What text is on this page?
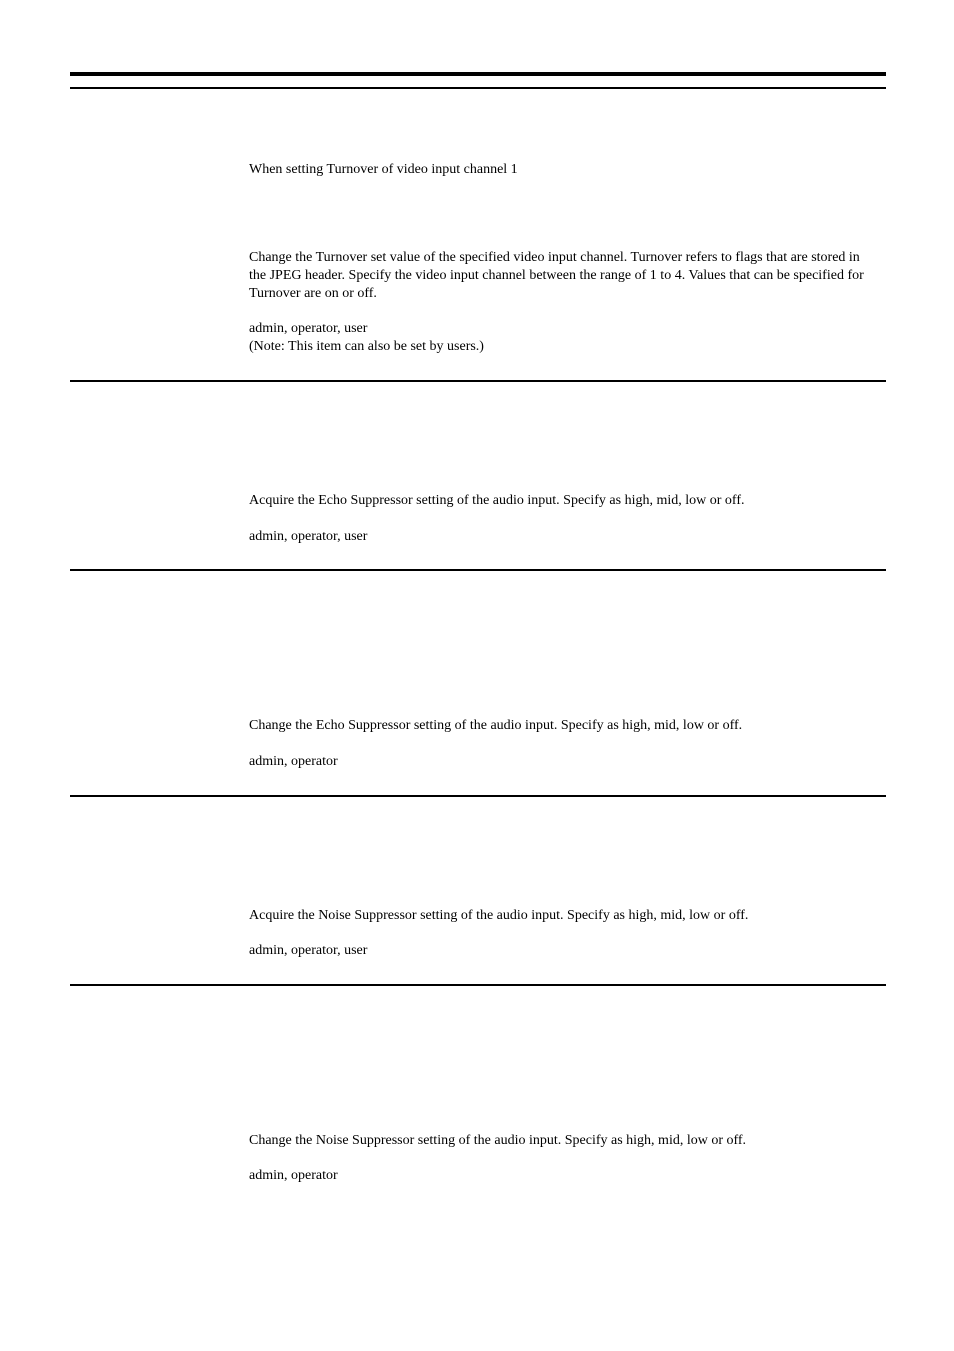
When setting Turnover of video input channel 1

Change the Turnover set value of the specified video input channel. Turnover refers to flags that are stored in
the JPEG header. Specify the video input channel between the range of 1 to 4. Values that can be specified for
Turnover are on or off.

admin, operator, user

(Note: This item can also be set by users.)

Acquire the Echo Suppressor setting of the audio input. Specify as high, mid, low or off.

admin, operator, user

Change the Echo Suppressor setting of the audio input. Specify as high, mid, low or off.

admin, operator

Acquire the Noise Suppressor setting of the audio input. Specify as high, mid, low or off.

admin, operator, user

Change the Noise Suppressor setting of the audio input. Specify as high, mid, low or off.

admin, operator
